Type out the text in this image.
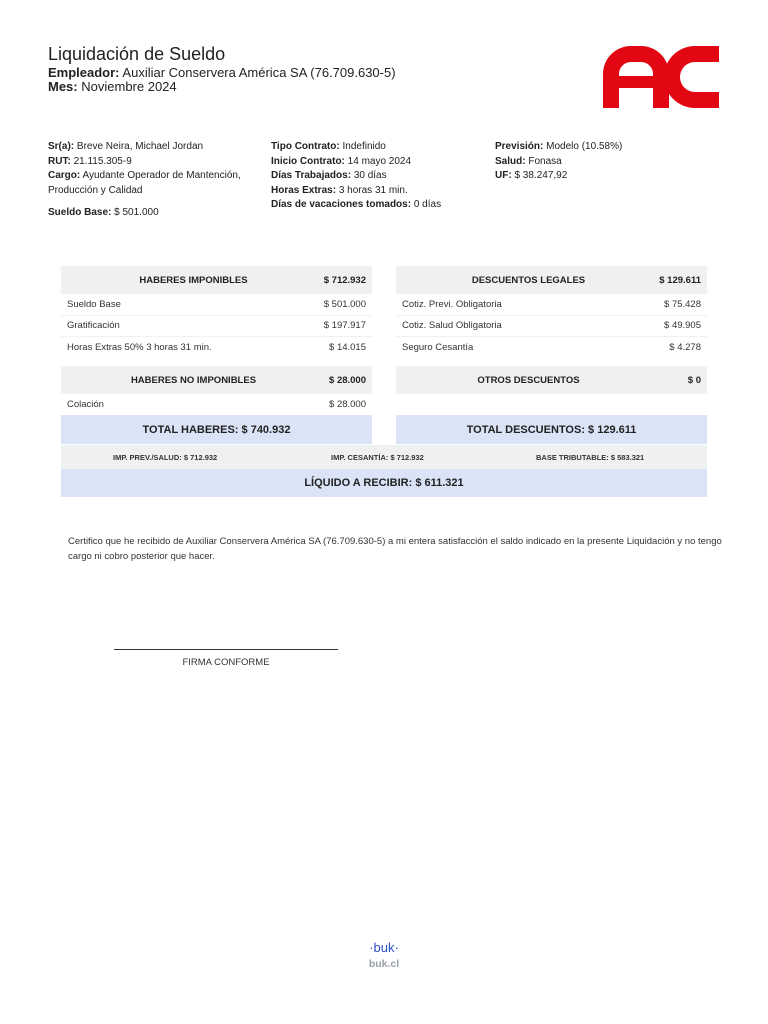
Liquidación de Sueldo
Empleador: Auxiliar Conservera América SA (76.709.630-5)
Mes: Noviembre 2024
Sr(a): Breve Neira, Michael Jordan
RUT: 21.115.305-9
Cargo: Ayudante Operador de Mantención, Producción y Calidad
Sueldo Base: $ 501.000
Tipo Contrato: Indefinido
Inicio Contrato: 14 mayo 2024
Días Trabajados: 30 días
Horas Extras: 3 horas 31 min.
Días de vacaciones tomados: 0 días
Previsión: Modelo (10.58%)
Salud: Fonasa
UF: $ 38.247,92
HABERES IMPONIBLES	$ 712.932
Sueldo Base	$ 501.000
Gratificación	$ 197.917
Horas Extras 50% 3 horas 31 min.	$ 14.015
DESCUENTOS LEGALES	$ 129.611
Cotiz. Previ. Obligatoria	$ 75.428
Cotiz. Salud Obligatoria	$ 49.905
Seguro Cesantía	$ 4.278
HABERES NO IMPONIBLES	$ 28.000
Colación	$ 28.000
OTROS DESCUENTOS	$ 0
TOTAL HABERES: $ 740.932	TOTAL DESCUENTOS: $ 129.611
IMP. PREV./SALUD: $ 712.932	IMP. CESANTÍA: $ 712.932	BASE TRIBUTABLE: $ 583.321
LÍQUIDO A RECIBIR: $ 611.321
Certifico que he recibido de Auxiliar Conservera América SA (76.709.630-5) a mi entera satisfacción el saldo indicado en la presente Liquidación y no tengo cargo ni cobro posterior que hacer.
FIRMA CONFORME
·buk·
buk.cl
